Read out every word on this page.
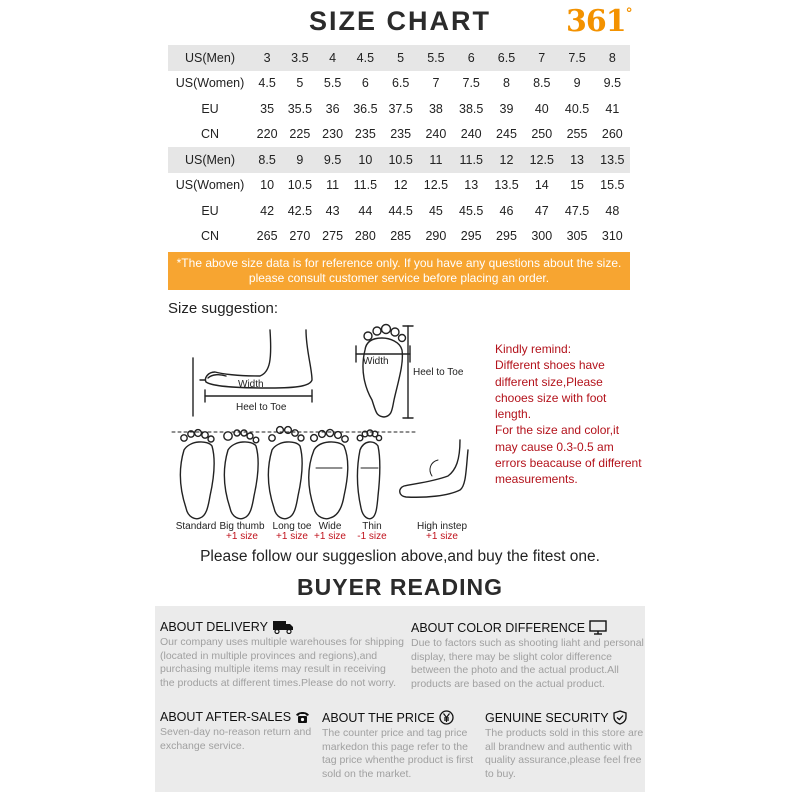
SIZE CHART	361°
US(Men)	3	3.5	4	4.5	5	5.5	6	6.5	7	7.5	8
US(Women)	4.5	5	5.5	6	6.5	7	7.5	8	8.5	9	9.5
EU	35	35.5	36	36.5	37.5	38	38.5	39	40	40.5	41
CN	220	225	230	235	235	240	240	245	250	255	260
US(Men)	8.5	9	9.5	10	10.5	11	11.5	12	12.5	13	13.5
US(Women)	10	10.5	11	11.5	12	12.5	13	13.5	14	15	15.5
EU	42	42.5	43	44	44.5	45	45.5	46	47	47.5	48
CN	265	270	275	280	285	290	295	295	300	305	310
*The above size data is for reference only. If you have any questions about the size.
please consult customer service before placing an order.
Size suggestion:
Width
Heel to Toe
Width
Heel to Toe
Standard Big thumb
+1 size
Long toe
+1 size
Wide
+1 size
Thin
-1 size
High instep
+1 size
Kindly remind:
Different shoes have
different size,Please
chooes size with foot
length.
For the size and color,it
may cause 0.3-0.5 am
errors beacause of different
measurements.
Please follow our suggeslion above,and buy the fitest one.
BUYER READING
ABOUT DELIVERY
Our company uses multiple warehouses for shipping
(located in multiple provinces and regions),and
purchasing multiple items may result in receiving
the products at different times.Please do not worry.
ABOUT COLOR DIFFERENCE
Due to factors such as shooting liaht and personal
display, there may be slight color difference
between the photo and the actual product.All
products are based on the actual product.
ABOUT AFTER-SALES
Seven-day no-reason return and
exchange service.
ABOUT THE PRICE
The counter price and tag price
markedon this page refer to the
tag price whenthe product is first
sold on the market.
GENUINE SECURITY
The products sold in this store are
all brandnew and authentic with
quality assurance,please feel free
to buy.
